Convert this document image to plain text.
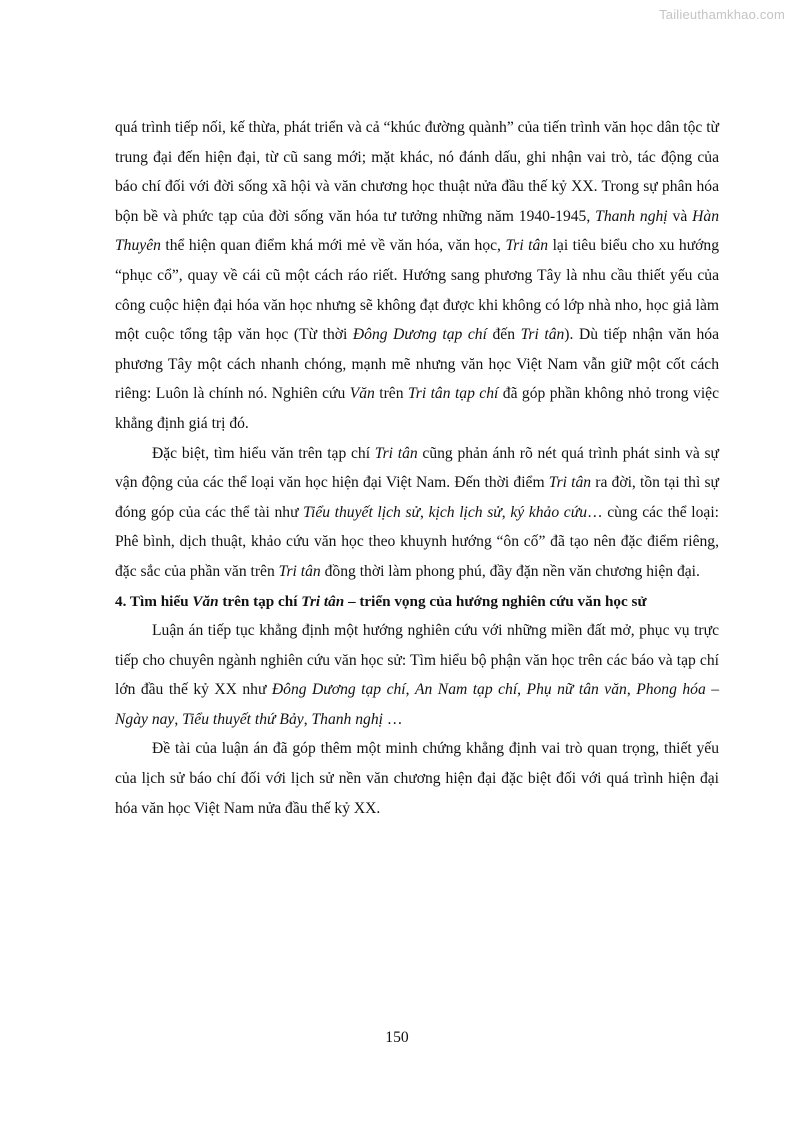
Tailieuthamkhao.com

quá trình tiếp nối, kế thừa, phát triển và cả “khúc đường quành” của tiến trình văn học dân tộc từ trung đại đến hiện đại, từ cũ sang mới; mặt khác, nó đánh dấu, ghi nhận vai trò, tác động của báo chí đối với đời sống xã hội và văn chương học thuật nửa đầu thế kỷ XX. Trong sự phân hóa bộn bề và phức tạp của đời sống văn hóa tư tưởng những năm 1940-1945, Thanh nghị và Hàn Thuyên thể hiện quan điểm khá mới mẻ về văn hóa, văn học, Tri tân lại tiêu biểu cho xu hướng “phục cổ”, quay về cái cũ một cách ráo riết. Hướng sang phương Tây là nhu cầu thiết yếu của công cuộc hiện đại hóa văn học nhưng sẽ không đạt được khi không có lớp nhà nho, học giả làm một cuộc tổng tập văn học (Từ thời Đông Dương tạp chí đến Tri tân). Dù tiếp nhận văn hóa phương Tây một cách nhanh chóng, mạnh mẽ nhưng văn học Việt Nam vẫn giữ một cốt cách riêng: Luôn là chính nó. Nghiên cứu Văn trên Tri tân tạp chí đã góp phần không nhỏ trong việc khẳng định giá trị đó.

Đặc biệt, tìm hiểu văn trên tạp chí Tri tân cũng phản ánh rõ nét quá trình phát sinh và sự vận động của các thể loại văn học hiện đại Việt Nam. Đến thời điểm Tri tân ra đời, tồn tại thì sự đóng góp của các thể tài như Tiểu thuyết lịch sử, kịch lịch sử, ký khảo cứu… cùng các thể loại: Phê bình, dịch thuật, khảo cứu văn học theo khuynh hướng “ôn cố” đã tạo nên đặc điểm riêng, đặc sắc của phần văn trên Tri tân đồng thời làm phong phú, đầy đặn nền văn chương hiện đại.

4. Tìm hiểu Văn trên tạp chí Tri tân – triển vọng của hướng nghiên cứu văn học sử

Luận án tiếp tục khẳng định một hướng nghiên cứu với những miền đất mở, phục vụ trực tiếp cho chuyên ngành nghiên cứu văn học sử: Tìm hiểu bộ phận văn học trên các báo và tạp chí lớn đầu thế kỷ XX như Đông Dương tạp chí, An Nam tạp chí, Phụ nữ tân văn, Phong hóa – Ngày nay, Tiểu thuyết thứ Bảy, Thanh nghị …

Đề tài của luận án đã góp thêm một minh chứng khẳng định vai trò quan trọng, thiết yếu của lịch sử báo chí đối với lịch sử nền văn chương hiện đại đặc biệt đối với quá trình hiện đại hóa văn học Việt Nam nửa đầu thế kỷ XX.

150
